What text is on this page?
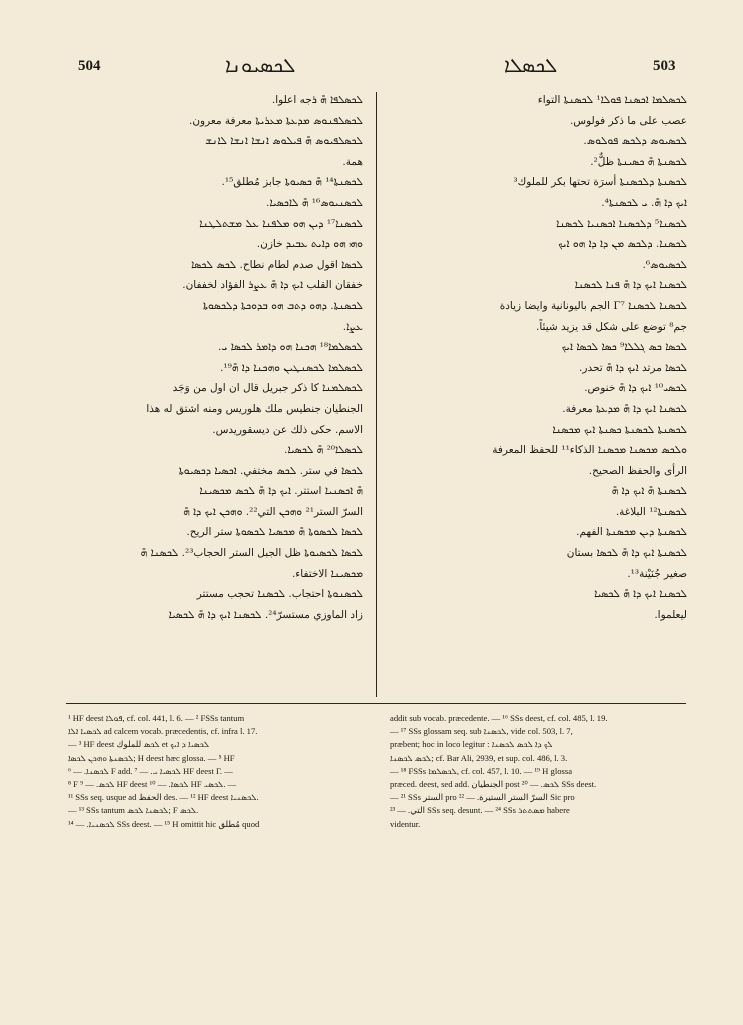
504	ܠܟܣܝܘܢܐ	503
ܠܟܣܠܐ
ܠܟܣܠܦܐ ܗ̄ ܪجه اعلوا.
ܠܟܣܠܦܢܘܣ ܡܕܥܬܐ ܡܥܪܝܬܐ معرفة معرون.
ܠܟܣܠܦܝܘܣ ܗ̄ ܦܝܠܘܣ ܐܢܫܐ ܐܢܫܐ ܠܐܢܫ
همة.
ܠܟܣܢܬܐ¹⁴ ܗ̄ ܟܣܝܘܬܐ جابز مُطلق¹⁵.
ܠܟܣܢܝܘܣ¹⁶ ܗ̄ ܠܐܟܣܝܐ.
ܠܟܣܢܐ¹⁷ ܕܝܢ ܗܘ ܡܠܦܢܐ ܥܠ ܡܫܬܠܛܢܐ
ܘܗܝ ܗܘ ܕܐܝܬ ܥܒܝܕ خازن.
ܠܟܣܐ اقول صدم لطام نطاح. ܠܟܣ ܠܟܣܐ
خفقان القلب ܐܝܟ ܕܐ ܗ̄ ܥܨܪ الفؤاد لخففان.
ܠܟܣܢܬܐ. ܕܗܘ ܕܬܒ ܗܘ ܒܕܘܟܬܐ ܕܠܟܣܘܬܐ
ܥܨܐ.
ܠܟܣܠܡܐ¹⁸ ܗܟܢܐ ܗܘ ܕܐܡܪ ܠܟܣܐ ܝ.
ܠܟܣܠܡܐ ܠܟܣܢܛܝܢ ܘܗܟܢܐ ܕܐ ܗ̄¹⁹.
ܠܟܣܠܡܢܐ كا ذكر جبريل قال ان اول من وَجَد
الجنطيان جنطيس ملك هلوريس ومنه اشتق له هذا
الاسم. حكى ذلك عن ديسقوريدس.
ܠܟܣܠܐ²⁰ ܗ̄ ܠܟܣܝܐ.
ܠܟܣܐ في ستر. ܠܟܣ مختفي. ܐܟܣܝܐ ܕܟܣܝܘܬܐ
ܗ̄ ܐܟܣܢܝܐ استتر. ܐܝܟ ܕܐ ܗ̄ ܠܟܣ ܡܟܣܝܢܐ
السرّ الستر²¹ ܘܗܟܢ التي²². ܘܗܟܢ ܐܝܟ ܕܐ ܗ̄
ܠܟܣܐ ܠܟܣܘܬܐ ܗ̄ ܡܟܣܝܐ ܠܟܣܘܬܐ ستر الريح.
ܠܟܣܐ ܠܟܣܝܘܬܐ ظل الجبل الستر الحجاب²³. ܠܟܣܢܐ ܗ̄
ܡܟܣܝܢܐ الاختفاء.
ܠܟܣܢܘܬܐ احتجاب. ܠܟܣܢܐ تحجب مستتر
زاد الماوزي مستسرّ²⁴. ܠܟܣܢܐ ܐܝܟ ܕܐ ܗ̄ ܠܟܣܝܐ
ܠܟܣܠܡܐ ܐܟܣܢܐ ܦܘܠܐ¹ ܠܟܣܢܬܐ التواء
عصب على ما ذكر فولوس.
ܠܟܣܝܘܣ ܕܠܟܣ ܦܘܠܘܣ.
ܠܟܣܢܬܐ ܗ̄ ܟܣܝܢܬܐ ظلٌّ².
ܠܟܣܢܬܐ ܕܠܟܣܢܬܐ أسرَة تحتها بكر للملوك³
ܐܝܟ ܕܐ ܗ̄. ܝ ܠܟܣܢܬܐ⁴.
ܠܟܣܢܐ⁵ ܕܠܟܣܢܐ ܐܟܣܢܝܐ ܠܟܣܢܐ
ܠܟܣܢܐ. ܕܠܟܣ ܡܢ ܕܐ ܕܐ ܗܘ ܐܝܟ
ܠܟܣܝܘܣ⁶.
ܠܟܣܢܐ ܐܝܟ ܕܐ ܗ̄ ܦܢܐ ܠܟܣܢܐ
ܠܟܣܢܐ ܠܟܣܢܐ Γ⁷ الجم باليونانية وايضا زيادة
جم⁸ توضع على شكل قد يزيد شيئاً.
ܠܟܣܐ ܟܣ ܓܠܠܐ⁹ ܟܣܐ ܠܟܣܐ ܐܝܟ
ܠܟܣܐ مرتد ܐܝܟ ܕܐ ܗ̄ تحدر.
ܠܟܣܝ¹⁰ ܐܝܟ ܕܐ ܗ̄ خنوص.
ܠܟܣܢܐ ܐܝܟ ܕܐ ܗ̄ ܡܕܥܬܐ معرفة.
ܠܟܣܢܬܐ ܠܟܣܢܬܐ ܟܣܢܬܐ ܐܝܟ ܡܟܣܢܐ
ܘܠܟܣ ܡܟܣܢܐ ܡܟܣܢܐ الذكاء¹¹ للحفظ المعرفة
الرأى والحفظ الصحيح.
ܠܟܣܢܬܐ ܗ̄ ܐܝܟ ܕܐ ܗ̄
ܠܟܣܢܬܐ¹² البلاغة.
ܠܟܣܢܬܐ ܕܝܢ ܡܟܣܢܬܐ الفهم.
ܠܟܣܢܬܐ ܐܝܟ ܕܐ ܗ̄ ܠܟܣܐ بستان
صغير جُنَيْنة¹³.
ܠܟܣܢܐ ܐܝܟ ܕܐ ܗ̄ ܠܟܣܝܐ
ليعلموا.
¹ HF deest ܦܘܠܐ, cf. col. 441, l. 6. — ² FSSs tantum
ܠܟܣܝܐ ܐܠܐ ad calcem vocab. præcedentis, cf. infra l. 17.
— ³ HF deest ܠܟܣ للملوك et ܠܟܣܝܐ ܕ ܐܝܟ
ܠܟܣܢܬܐ ܘܗܟܢ ܠܟܣܐ; H deest hæc glossa. — ⁵ HF
ܠܟܣܢܐ. — ⁶ F add. ܠܟܣܝܐ ܝ. — ⁷ HF deest Γ. —
⁸ F ܠܟܣ. — ⁹ HF deest ܠܟܣܐ. — ¹⁰ HF ܠܟܣܝ. —
¹¹ SSs seq. usque ad الحفظ des. — ¹² HF deest ܠܟܣܢܝܐ.
— ¹³ SSs tantum ܠܟܣܢܐ ܠܟܣ; F ܠܟܣ.
ܠܟܣܢܝܐ. — ¹⁴ SSs deest. — ¹⁵ H omittit hic مُطلق quod
addit sub vocab. præcedente. — ¹⁶ SSs deest, cf. col. 485, l. 19.
— ¹⁷ SSs glossam seq. sub ܠܟܣܢܐ, vide col. 503, l. 7,
præbent; hoc in loco legitur : ܠܟ ܕܐ ܠܟܣ ܠܟܣܢܐ
ܠܟܣ ܠܟܣܢܐ; cf. Bar Ali, 2939, et sup. col. 486, l. 3.
— ¹⁸ FSSs ܠܟܣܠܡܐ, cf. col. 457, l. 10. — ¹⁹ H glossa
præced. deest, sed add. الجنطيان post ܠܟܣ. — ²⁰ SSs deest.
— ²¹ SSs الستر pro السرّ الستر الستيرة. — ²² Sic pro
التي. — ²³ SSs seq. desunt. — ²⁴ SSs ܡܣܬܬܪ habere
videntur.
